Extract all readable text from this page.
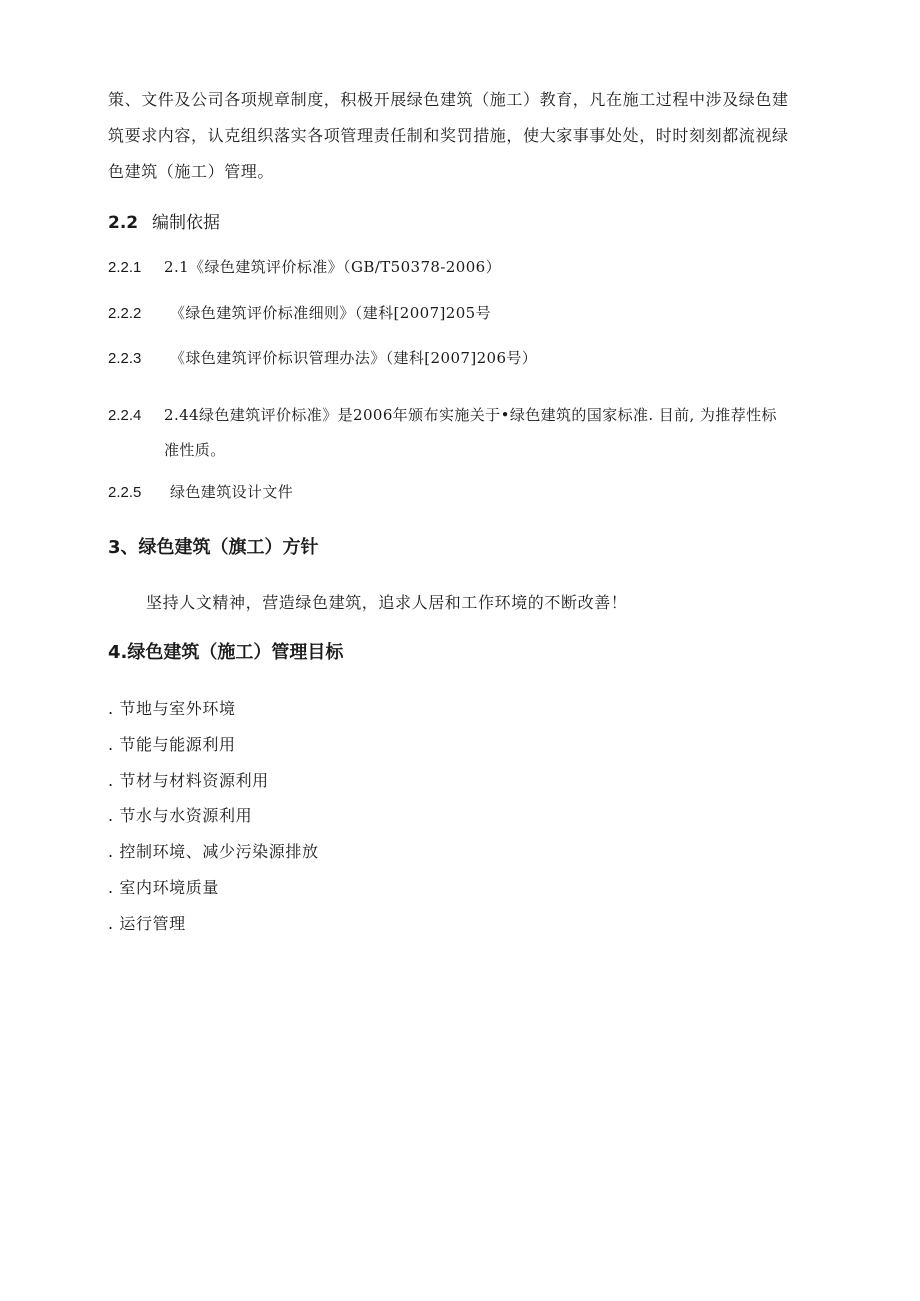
策、文件及公司各项规章制度，积极开展绿色建筑（施工）教育，凡在施工过程中涉及绿色建
筑要求内容，认克组织落实各项管理责任制和奖罚措施，使大家事事处处，时时刻刻都流视绿
色建筑（施工）管理。
2.2 编制依据
2.2.1 2.1《绿色建筑评价标准》（GB/T50378-2006）
2.2.2 《绿色建筑评价标准细则》（建科[2007]205号
2.2.3 《球色建筑评价标识管理办法》（建科[2007]206号）
2.2.4 2.44绿色建筑评价标准》是2006年颁布实施关于•绿色建筑的国家标准. 目前, 为推荐性标
准性质。
2.2.5 绿色建筑设计文件
3、绿色建筑（旗工）方针
坚持人文精神，营造绿色建筑，追求人居和工作环境的不断改善！
4.绿色建筑（施工）管理目标
. 节地与室外环境
. 节能与能源利用
. 节材与材料资源利用
. 节水与水资源利用
. 控制环境、减少污染源排放
. 室内环境质量
. 运行管理
